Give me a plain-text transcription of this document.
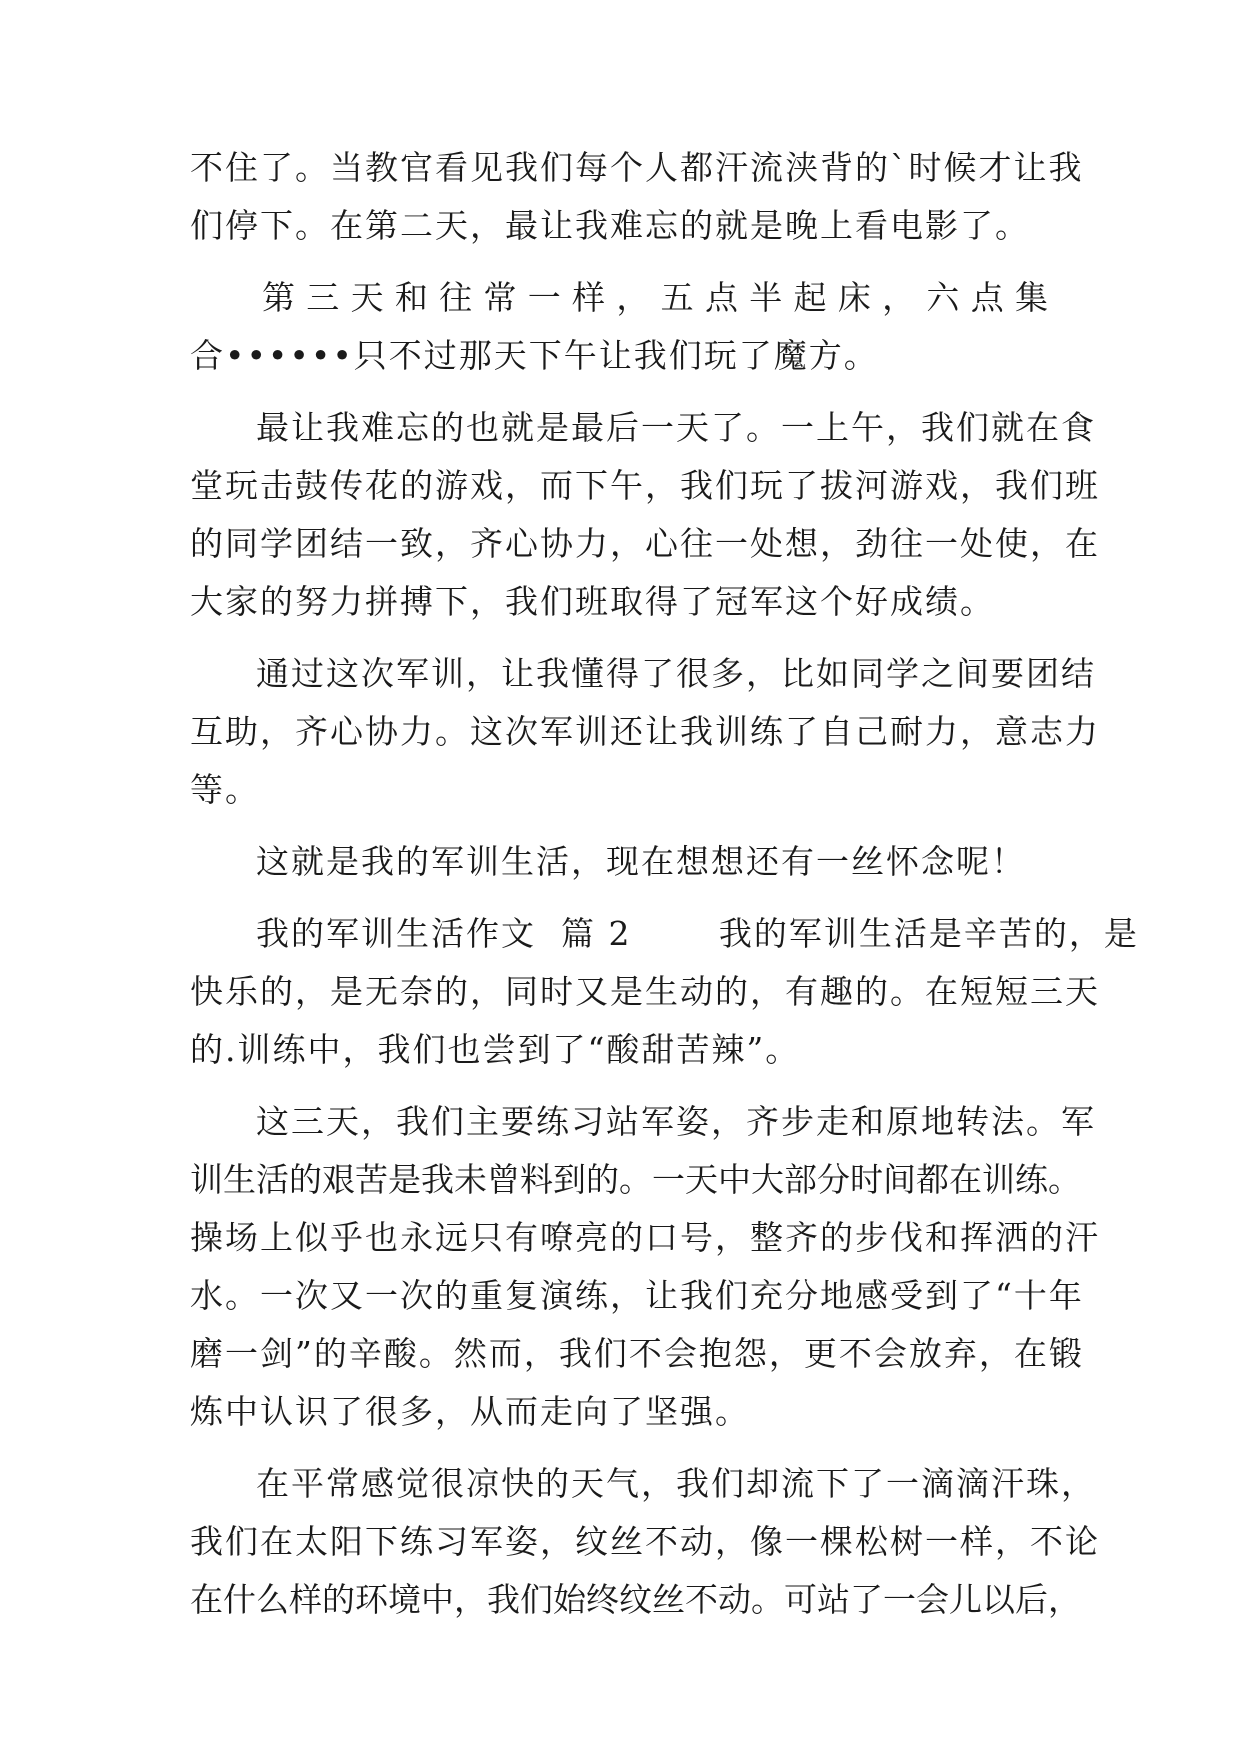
不住了。当教官看见我们每个人都汗流浃背的`时候才让我
们停下。在第二天，最让我难忘的就是晚上看电影了。
第三天和往常一样，五点半起床，六点集
合••••••只不过那天下午让我们玩了魔方。
最让我难忘的也就是最后一天了。一上午，我们就在食
堂玩击鼓传花的游戏，而下午，我们玩了拔河游戏，我们班
的同学团结一致，齐心协力，心往一处想，劲往一处使，在
大家的努力拼搏下，我们班取得了冠军这个好成绩。
通过这次军训，让我懂得了很多，比如同学之间要团结
互助，齐心协力。这次军训还让我训练了自己耐力，意志力
等。
这就是我的军训生活，现在想想还有一丝怀念呢！
我的军训生活作文  篇 2       我的军训生活是辛苦的，是
快乐的，是无奈的，同时又是生动的，有趣的。在短短三天
的.训练中，我们也尝到了“酸甜苦辣”。
这三天，我们主要练习站军姿，齐步走和原地转法。军
训生活的艰苦是我未曾料到的。一天中大部分时间都在训练。
操场上似乎也永远只有嘹亮的口号，整齐的步伐和挥洒的汗
水。一次又一次的重复演练，让我们充分地感受到了“十年
磨一剑”的辛酸。然而，我们不会抱怨，更不会放弃，在锻
炼中认识了很多，从而走向了坚强。
在平常感觉很凉快的天气，我们却流下了一滴滴汗珠，
我们在太阳下练习军姿，纹丝不动，像一棵松树一样，不论
在什么样的环境中，我们始终纹丝不动。可站了一会儿以后，
